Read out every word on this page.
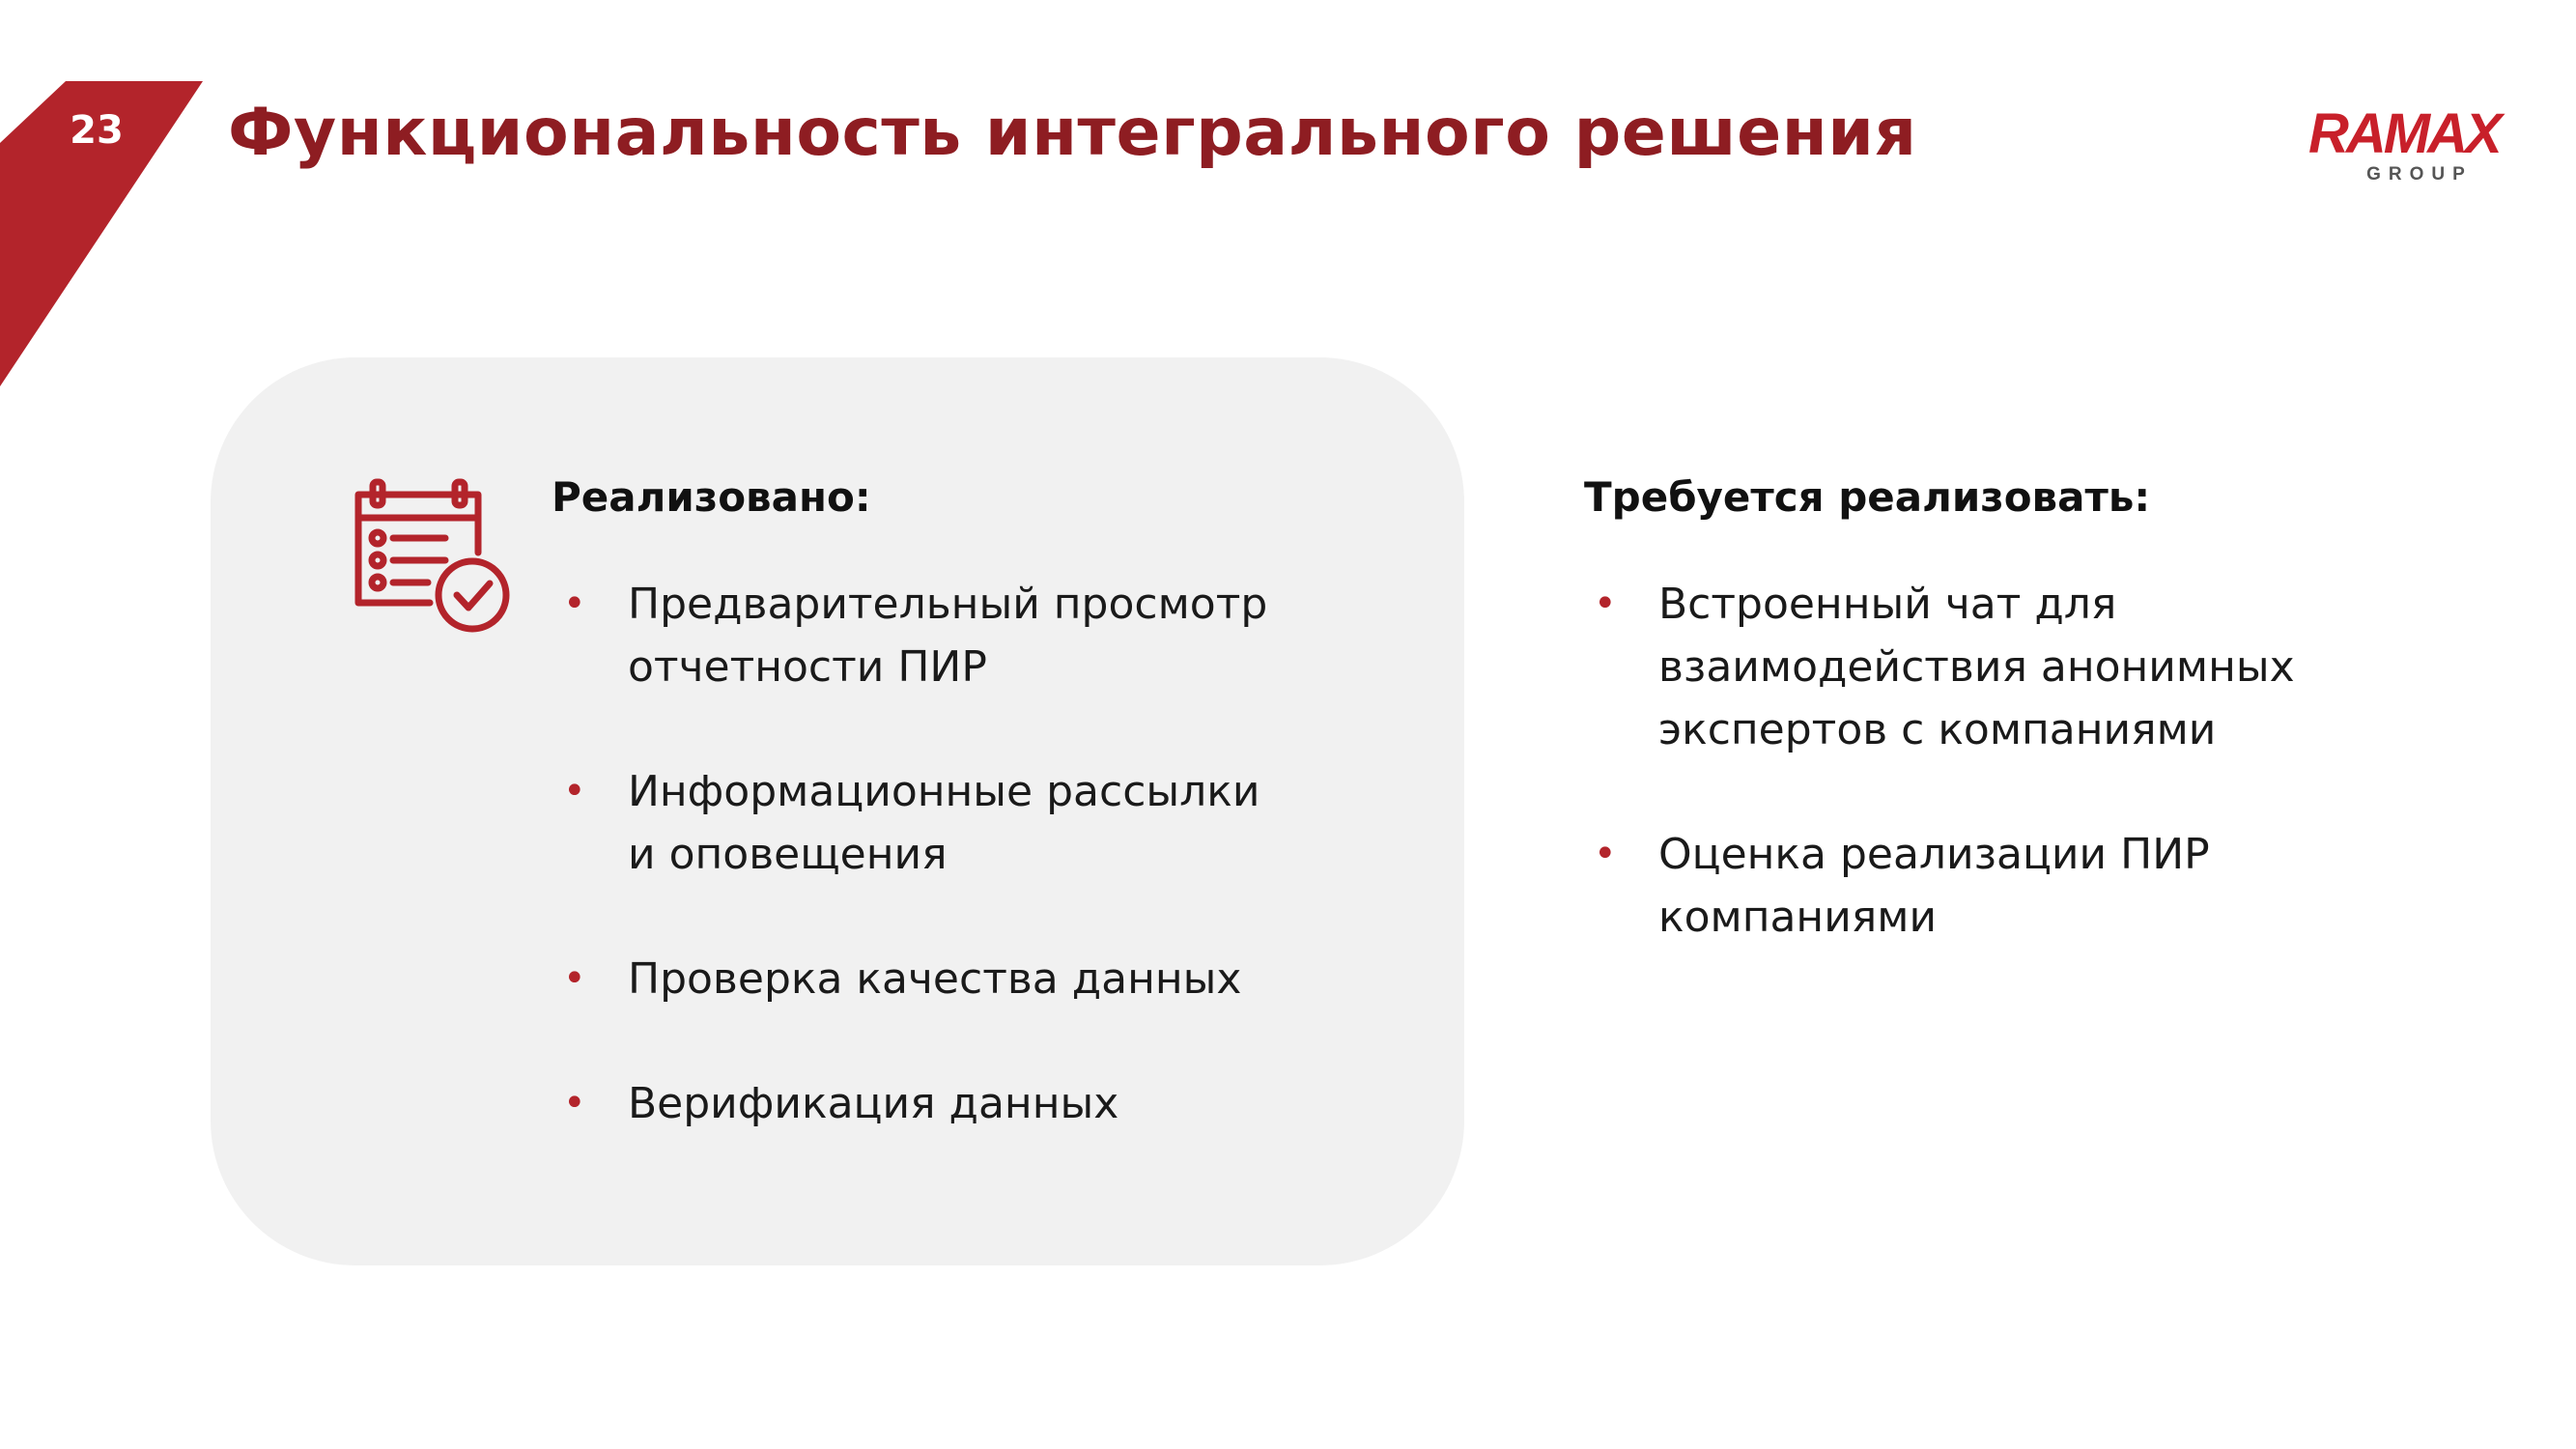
23 Функциональность интегрального решения	RAMAX
GROUP
Реализовано:
• Предварительный просмотр
отчетности ПИР
• Информационные рассылки
и оповещения
• Проверка качества данных
• Верификация данных
Требуется реализовать:
• Встроенный чат для
взаимодействия анонимных
экспертов с компаниями
• Оценка реализации ПИР
компаниями
